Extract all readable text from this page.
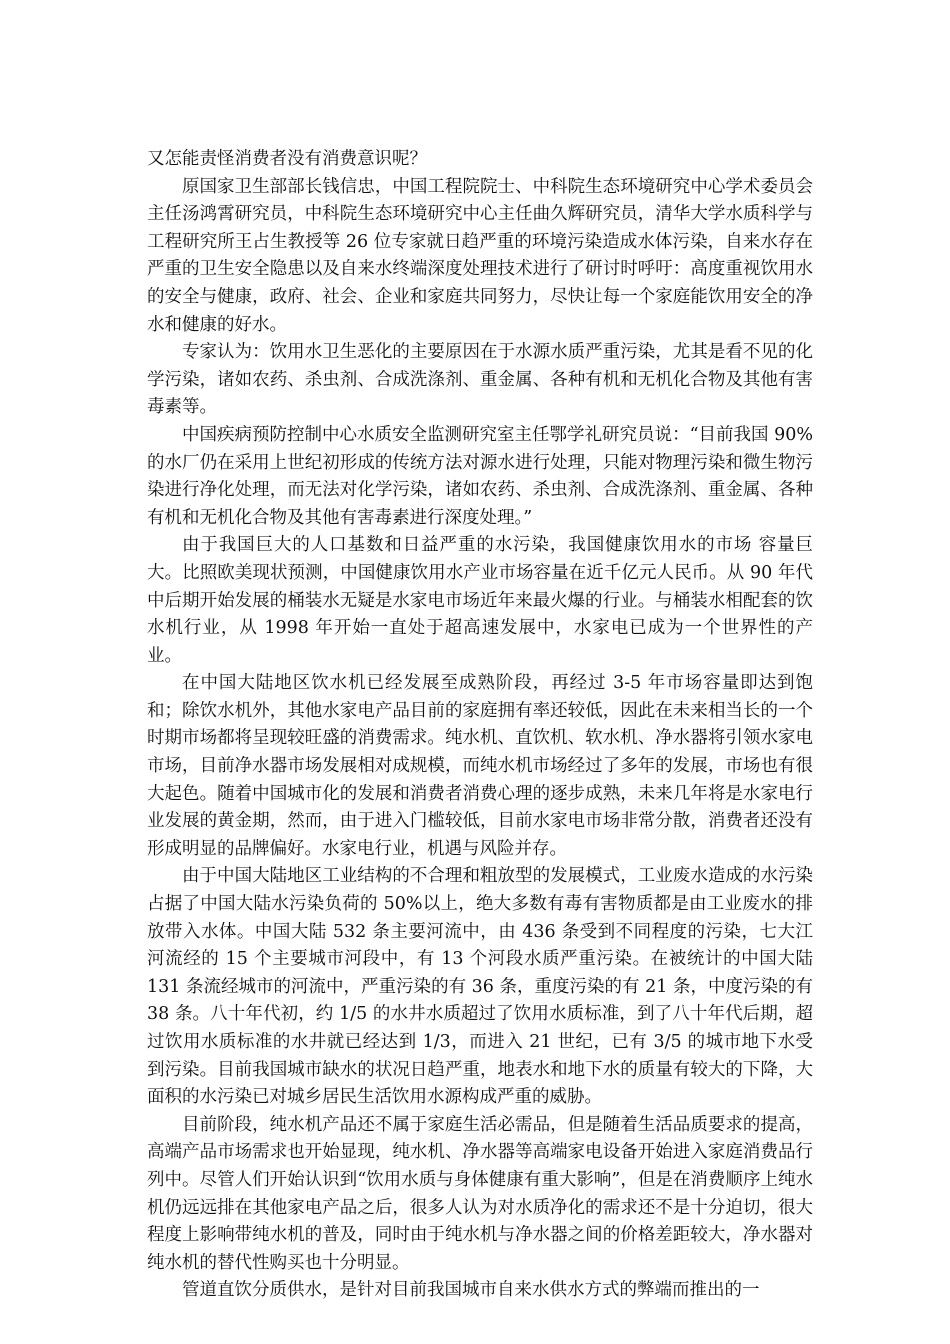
又怎能责怪消费者没有消费意识呢？

原国家卫生部部长钱信忠，中国工程院院士、中科院生态环境研究中心学术委员会主任汤鸿霄研究员，中科院生态环境研究中心主任曲久辉研究员，清华大学水质科学与工程研究所王占生教授等 26 位专家就日趋严重的环境污染造成水体污染，自来水存在严重的卫生安全隐患以及自来水终端深度处理技术进行了研讨时呼吁：高度重视饮用水的安全与健康，政府、社会、企业和家庭共同努力，尽快让每一个家庭能饮用安全的净水和健康的好水。

专家认为：饮用水卫生恶化的主要原因在于水源水质严重污染，尤其是看不见的化学污染，诸如农药、杀虫剂、合成洗涤剂、重金属、各种有机和无机化合物及其他有害毒素等。

中国疾病预防控制中心水质安全监测研究室主任鄂学礼研究员说：“目前我国 90%的水厂仍在采用上世纪初形成的传统方法对源水进行处理，只能对物理污染和微生物污染进行净化处理，而无法对化学污染，诸如农药、杀虫剂、合成洗涤剂、重金属、各种有机和无机化合物及其他有害毒素进行深度处理。”

由于我国巨大的人口基数和日益严重的水污染，我国健康饮用水的市场 容量巨大。比照欧美现状预测，中国健康饮用水产业市场容量在近千亿元人民币。从 90 年代中后期开始发展的桶装水无疑是水家电市场近年来最火爆的行业。与桶装水相配套的饮水机行业，从 1998 年开始一直处于超高速发展中，水家电已成为一个世界性的产业。

在中国大陆地区饮水机已经发展至成熟阶段，再经过 3-5 年市场容量即达到饱和；除饮水机外，其他水家电产品目前的家庭拥有率还较低，因此在未来相当长的一个时期市场都将呈现较旺盛的消费需求。纯水机、直饮机、软水机、净水器将引领水家电市场，目前净水器市场发展相对成规模，而纯水机市场经过了多年的发展，市场也有很大起色。随着中国城市化的发展和消费者消费心理的逐步成熟，未来几年将是水家电行业发展的黄金期，然而，由于进入门槛较低，目前水家电市场非常分散，消费者还没有形成明显的品牌偏好。水家电行业，机遇与风险并存。

由于中国大陆地区工业结构的不合理和粗放型的发展模式，工业废水造成的水污染占据了中国大陆水污染负荷的 50%以上，绝大多数有毒有害物质都是由工业废水的排放带入水体。中国大陆 532 条主要河流中，由 436 条受到不同程度的污染，七大江河流经的 15 个主要城市河段中，有 13 个河段水质严重污染。在被统计的中国大陆 131 条流经城市的河流中，严重污染的有 36 条，重度污染的有 21 条，中度污染的有 38 条。八十年代初，约 1/5 的水井水质超过了饮用水质标准，到了八十年代后期，超过饮用水质标准的水井就已经达到 1/3，而进入 21 世纪，已有 3/5 的城市地下水受到污染。目前我国城市缺水的状况日趋严重，地表水和地下水的质量有较大的下降，大面积的水污染已对城乡居民生活饮用水源构成严重的威胁。

目前阶段，纯水机产品还不属于家庭生活必需品，但是随着生活品质要求的提高，高端产品市场需求也开始显现，纯水机、净水器等高端家电设备开始进入家庭消费品行列中。尽管人们开始认识到“饮用水质与身体健康有重大影响”，但是在消费顺序上纯水机仍远远排在其他家电产品之后，很多人认为对水质净化的需求还不是十分迫切，很大程度上影响带纯水机的普及，同时由于纯水机与净水器之间的价格差距较大，净水器对纯水机的替代性购买也十分明显。

管道直饮分质供水，是针对目前我国城市自来水供水方式的弊端而推出的一
